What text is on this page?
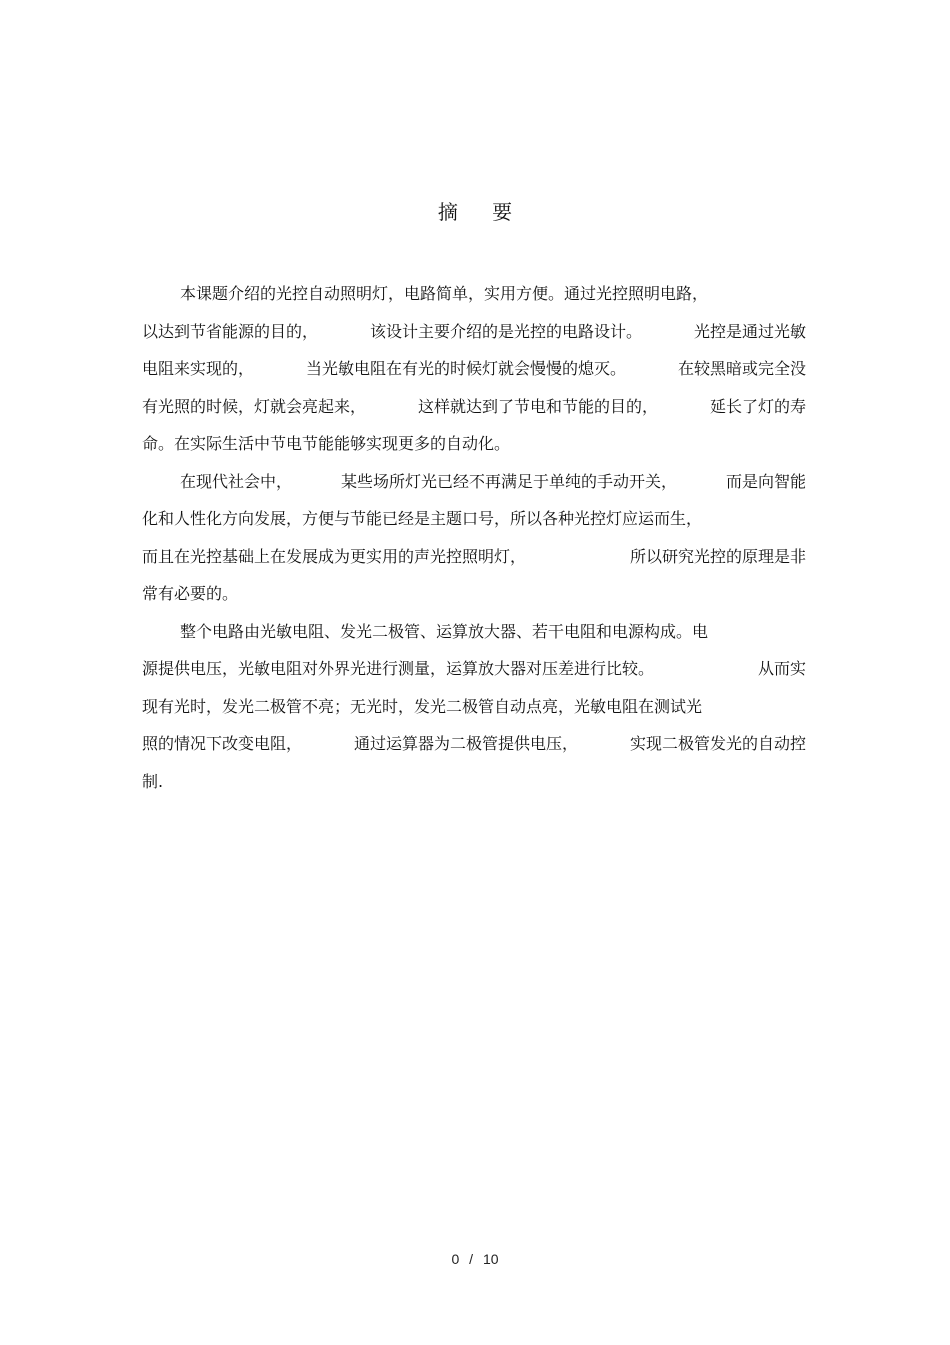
摘 要
本课题介绍的光控自动照明灯，电路简单，实用方便。通过光控照明电路，
以达到节省能源的目的，	该设计主要介绍的是光控的电路设计。	光控是通过光敏
电阻来实现的，	当光敏电阻在有光的时候灯就会慢慢的熄灭。	在较黑暗或完全没
有光照的时候，灯就会亮起来，	这样就达到了节电和节能的目的，	延长了灯的寿
命。在实际生活中节电节能能够实现更多的自动化。
在现代社会中，	某些场所灯光已经不再满足于单纯的手动开关，	而是向智能
化和人性化方向发展，方便与节能已经是主题口号，所以各种光控灯应运而生，
而且在光控基础上在发展成为更实用的声光控照明灯，	所以研究光控的原理是非
常有必要的。
整个电路由光敏电阻、发光二极管、运算放大器、若干电阻和电源构成。电
源提供电压，光敏电阻对外界光进行测量，运算放大器对压差进行比较。	从而实
现有光时，发光二极管不亮；无光时，发光二极管自动点亮，光敏电阻在测试光
照的情况下改变电阻，	通过运算器为二极管提供电压，	实现二极管发光的自动控
制.
0 / 10
